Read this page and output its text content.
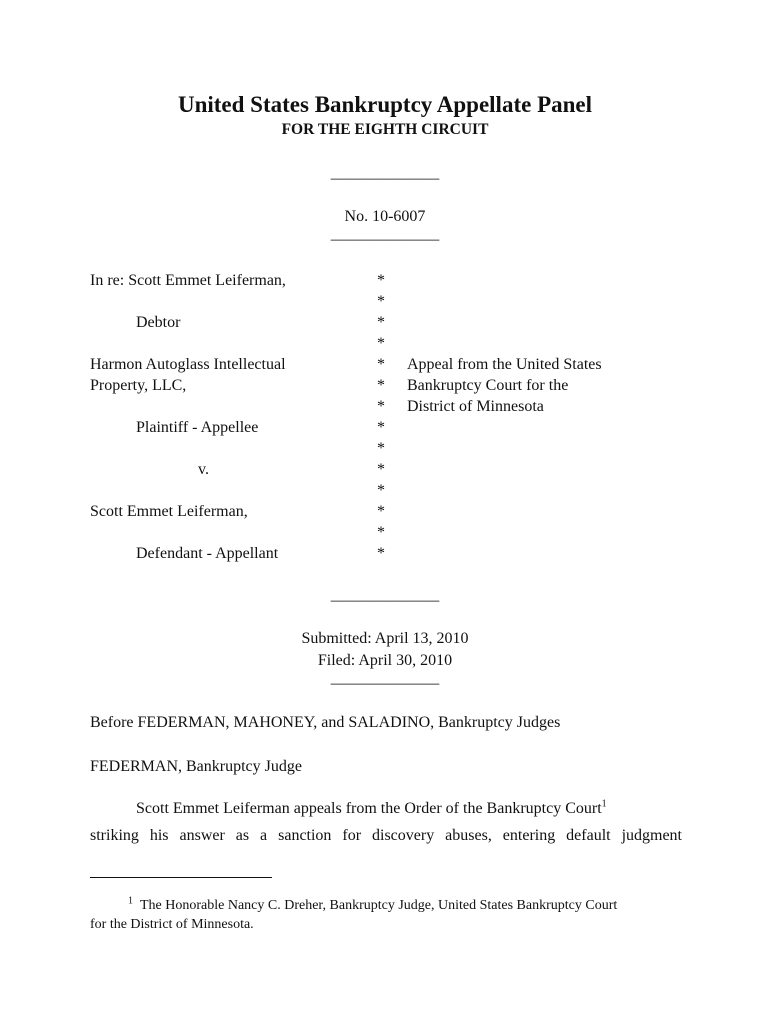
United States Bankruptcy Appellate Panel
FOR THE EIGHTH CIRCUIT
———————
No. 10-6007
———————
In re: Scott Emmet Leiferman,
Debtor
Harmon Autoglass Intellectual
Property, LLC,
Plaintiff - Appellee
v.
Scott Emmet Leiferman,
Defendant - Appellant
*
*
*
*
*
*
*
*
*
*
*
*
*
*
Appeal from the United States
Bankruptcy Court for the
District of Minnesota
———————
Submitted: April 13, 2010
Filed: April 30, 2010
———————
Before FEDERMAN, MAHONEY, and SALADINO, Bankruptcy Judges
FEDERMAN, Bankruptcy Judge

Scott Emmet Leiferman appeals from the Order of the Bankruptcy Court$^1$

striking his answer as a sanction for discovery abuses, entering default judgment

$^1$ The Honorable Nancy C. Dreher, Bankruptcy Judge, United States Bankruptcy Court
for the District of Minnesota.
